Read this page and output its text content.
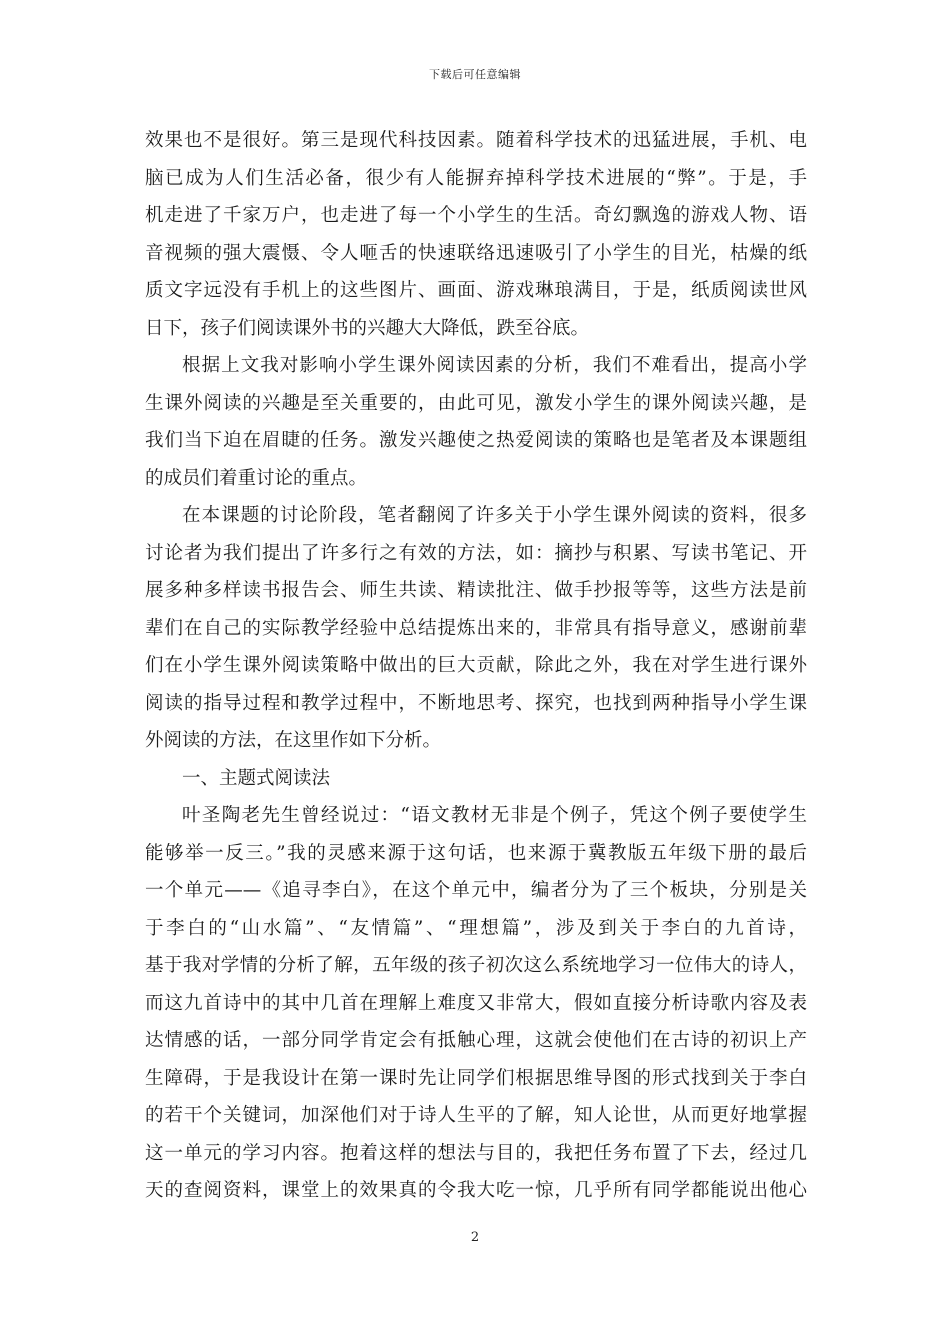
下载后可任意编辑
效果也不是很好。第三是现代科技因素。随着科学技术的迅猛进展，手机、电
脑已成为人们生活必备，很少有人能摒弃掉科学技术进展的“弊”。于是，手
机走进了千家万户，也走进了每一个小学生的生活。奇幻飘逸的游戏人物、语
音视频的强大震慑、令人咂舌的快速联络迅速吸引了小学生的目光，枯燥的纸
质文字远没有手机上的这些图片、画面、游戏琳琅满目，于是，纸质阅读世风
日下，孩子们阅读课外书的兴趣大大降低，跌至谷底。
根据上文我对影响小学生课外阅读因素的分析，我们不难看出，提高小学
生课外阅读的兴趣是至关重要的，由此可见，激发小学生的课外阅读兴趣，是
我们当下迫在眉睫的任务。激发兴趣使之热爱阅读的策略也是笔者及本课题组
的成员们着重讨论的重点。
在本课题的讨论阶段，笔者翻阅了许多关于小学生课外阅读的资料，很多
讨论者为我们提出了许多行之有效的方法，如：摘抄与积累、写读书笔记、开
展多种多样读书报告会、师生共读、精读批注、做手抄报等等，这些方法是前
辈们在自己的实际教学经验中总结提炼出来的，非常具有指导意义，感谢前辈
们在小学生课外阅读策略中做出的巨大贡献，除此之外，我在对学生进行课外
阅读的指导过程和教学过程中，不断地思考、探究，也找到两种指导小学生课
外阅读的方法，在这里作如下分析。
一、主题式阅读法
叶圣陶老先生曾经说过：“语文教材无非是个例子，凭这个例子要使学生
能够举一反三。”我的灵感来源于这句话，也来源于冀教版五年级下册的最后
一个单元——《追寻李白》，在这个单元中，编者分为了三个板块，分别是关
于李白的“山水篇”、“友情篇”、“理想篇”，涉及到关于李白的九首诗，
基于我对学情的分析了解，五年级的孩子初次这么系统地学习一位伟大的诗人，
而这九首诗中的其中几首在理解上难度又非常大，假如直接分析诗歌内容及表
达情感的话，一部分同学肯定会有抵触心理，这就会使他们在古诗的初识上产
生障碍，于是我设计在第一课时先让同学们根据思维导图的形式找到关于李白
的若干个关键词，加深他们对于诗人生平的了解，知人论世，从而更好地掌握
这一单元的学习内容。抱着这样的想法与目的，我把任务布置了下去，经过几
天的查阅资料，课堂上的效果真的令我大吃一惊，几乎所有同学都能说出他心
2
